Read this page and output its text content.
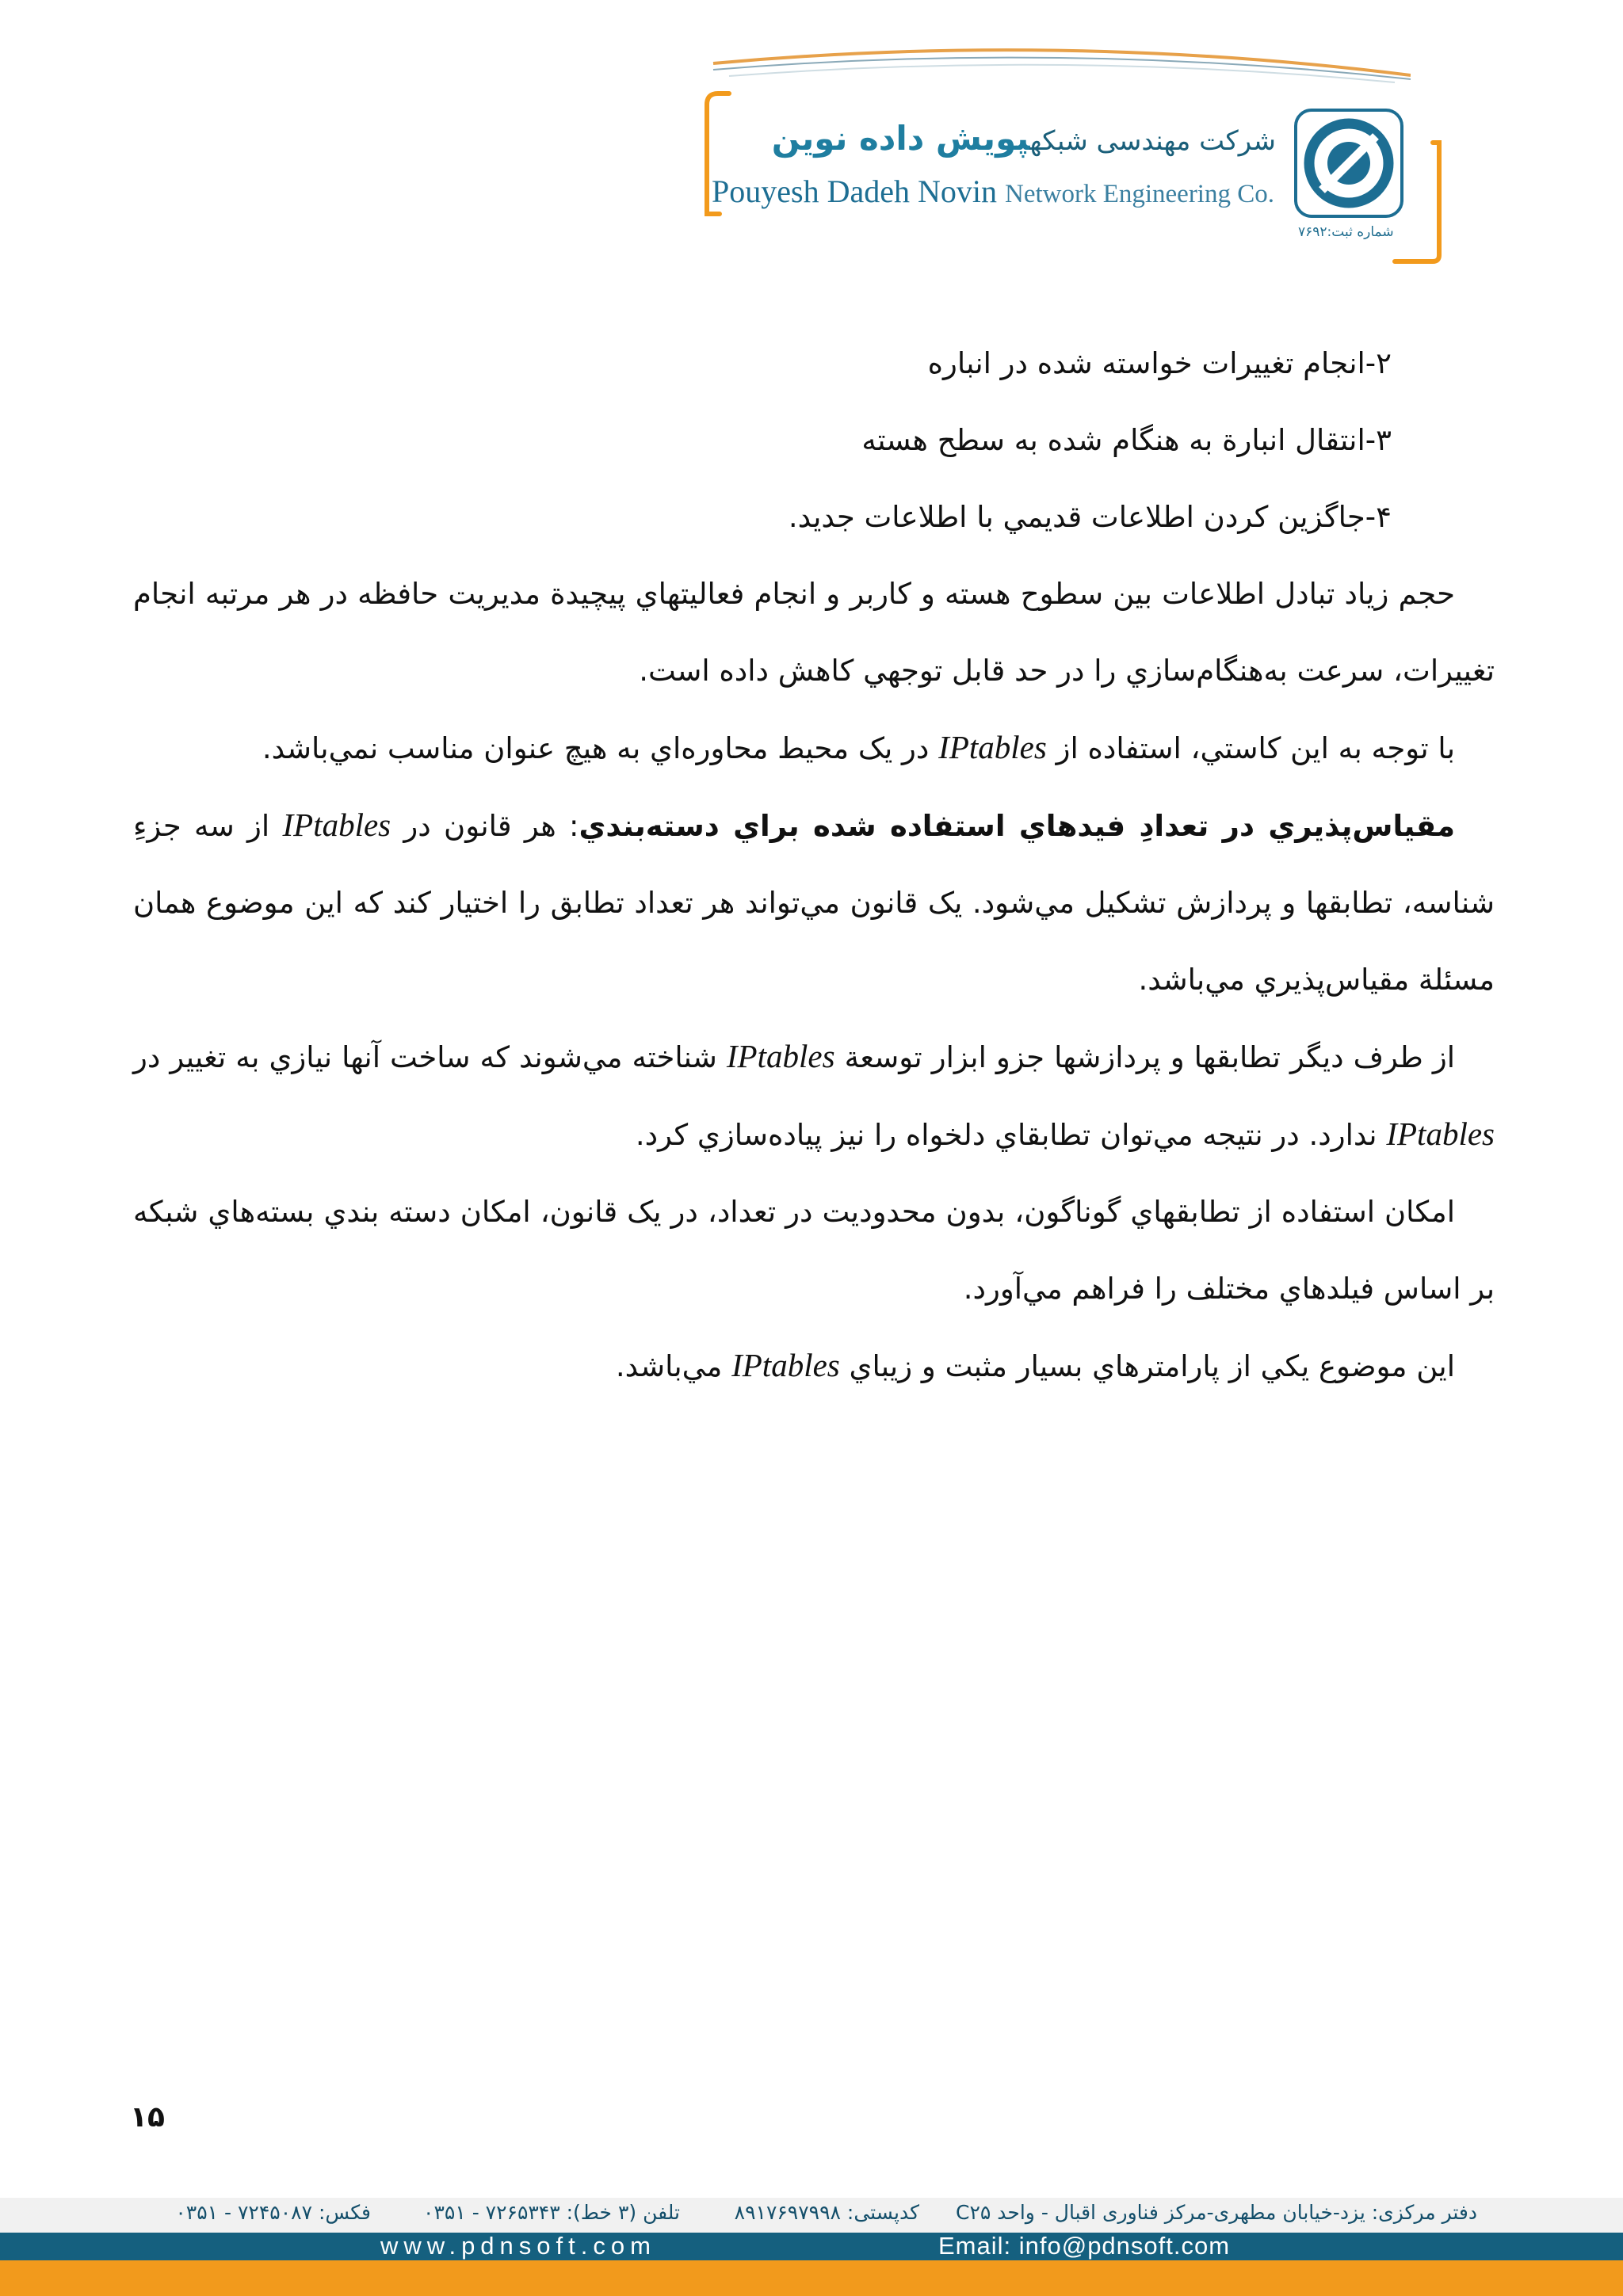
شرکت مهندسی شبکهپویش داده نوین
Pouyesh Dadeh Novin Network Engineering Co.
شماره ثبت:۷۶۹۲

۲-انجام تغييرات خواسته شده در انباره

۳-انتقال انبارة به هنگام شده به سطح هسته

۴-جاگزين کردن اطلاعات قديمي با اطلاعات جديد.

حجم زياد تبادل اطلاعات بين سطوح هسته و کاربر و انجام فعاليتهاي پيچيدة مديريت حافظه در هر مرتبه انجام تغييرات، سرعت به‌هنگام‌سازي را در حد قابل توجهي کاهش داده است.

با توجه به اين کاستي، استفاده از IPtables در يک محيط محاوره‌اي به هيچ عنوان مناسب نمي‌باشد.

مقياس‌پذيري در تعدادِ فيدهاي استفاده شده براي دسته‌بندي: هر قانون در IPtables از سه جزءِ شناسه، تطابقها و پردازش تشکيل مي‌شود. يک قانون مي‌تواند هر تعداد تطابق را اختيار کند که اين موضوع همان مسئلة مقياس‌پذيري مي‌باشد.

از طرف ديگر تطابقها و پردازشها جزو ابزار توسعة IPtables شناخته مي‌شوند که ساخت آنها نيازي به تغيير در IPtables ندارد. در نتيجه مي‌توان تطابقاي دلخواه را نيز پياده‌سازي کرد.

امکان استفاده از تطابقهاي گوناگون، بدون محدوديت در تعداد، در يک قانون، امکان دسته بندي بسته‌هاي شبکه بر اساس فيلدهاي مختلف را فراهم مي‌آورد.

اين موضوع يکي از پارامترهاي بسيار مثبت و زيباي IPtables مي‌باشد.

۱۵
دفتر مرکزی: یزد-خیابان مطهری-مرکز فناوری اقبال - واحد C۲۵
کدپستی: ۸۹۱۷۶۹۷۹۹۸
تلفن (۳ خط): ۷۲۶۵۳۴۳ - ۰۳۵۱
فکس: ۷۲۴۵۰۸۷ - ۰۳۵۱
www.pdnsoft.com	Email: info@pdnsoft.com
